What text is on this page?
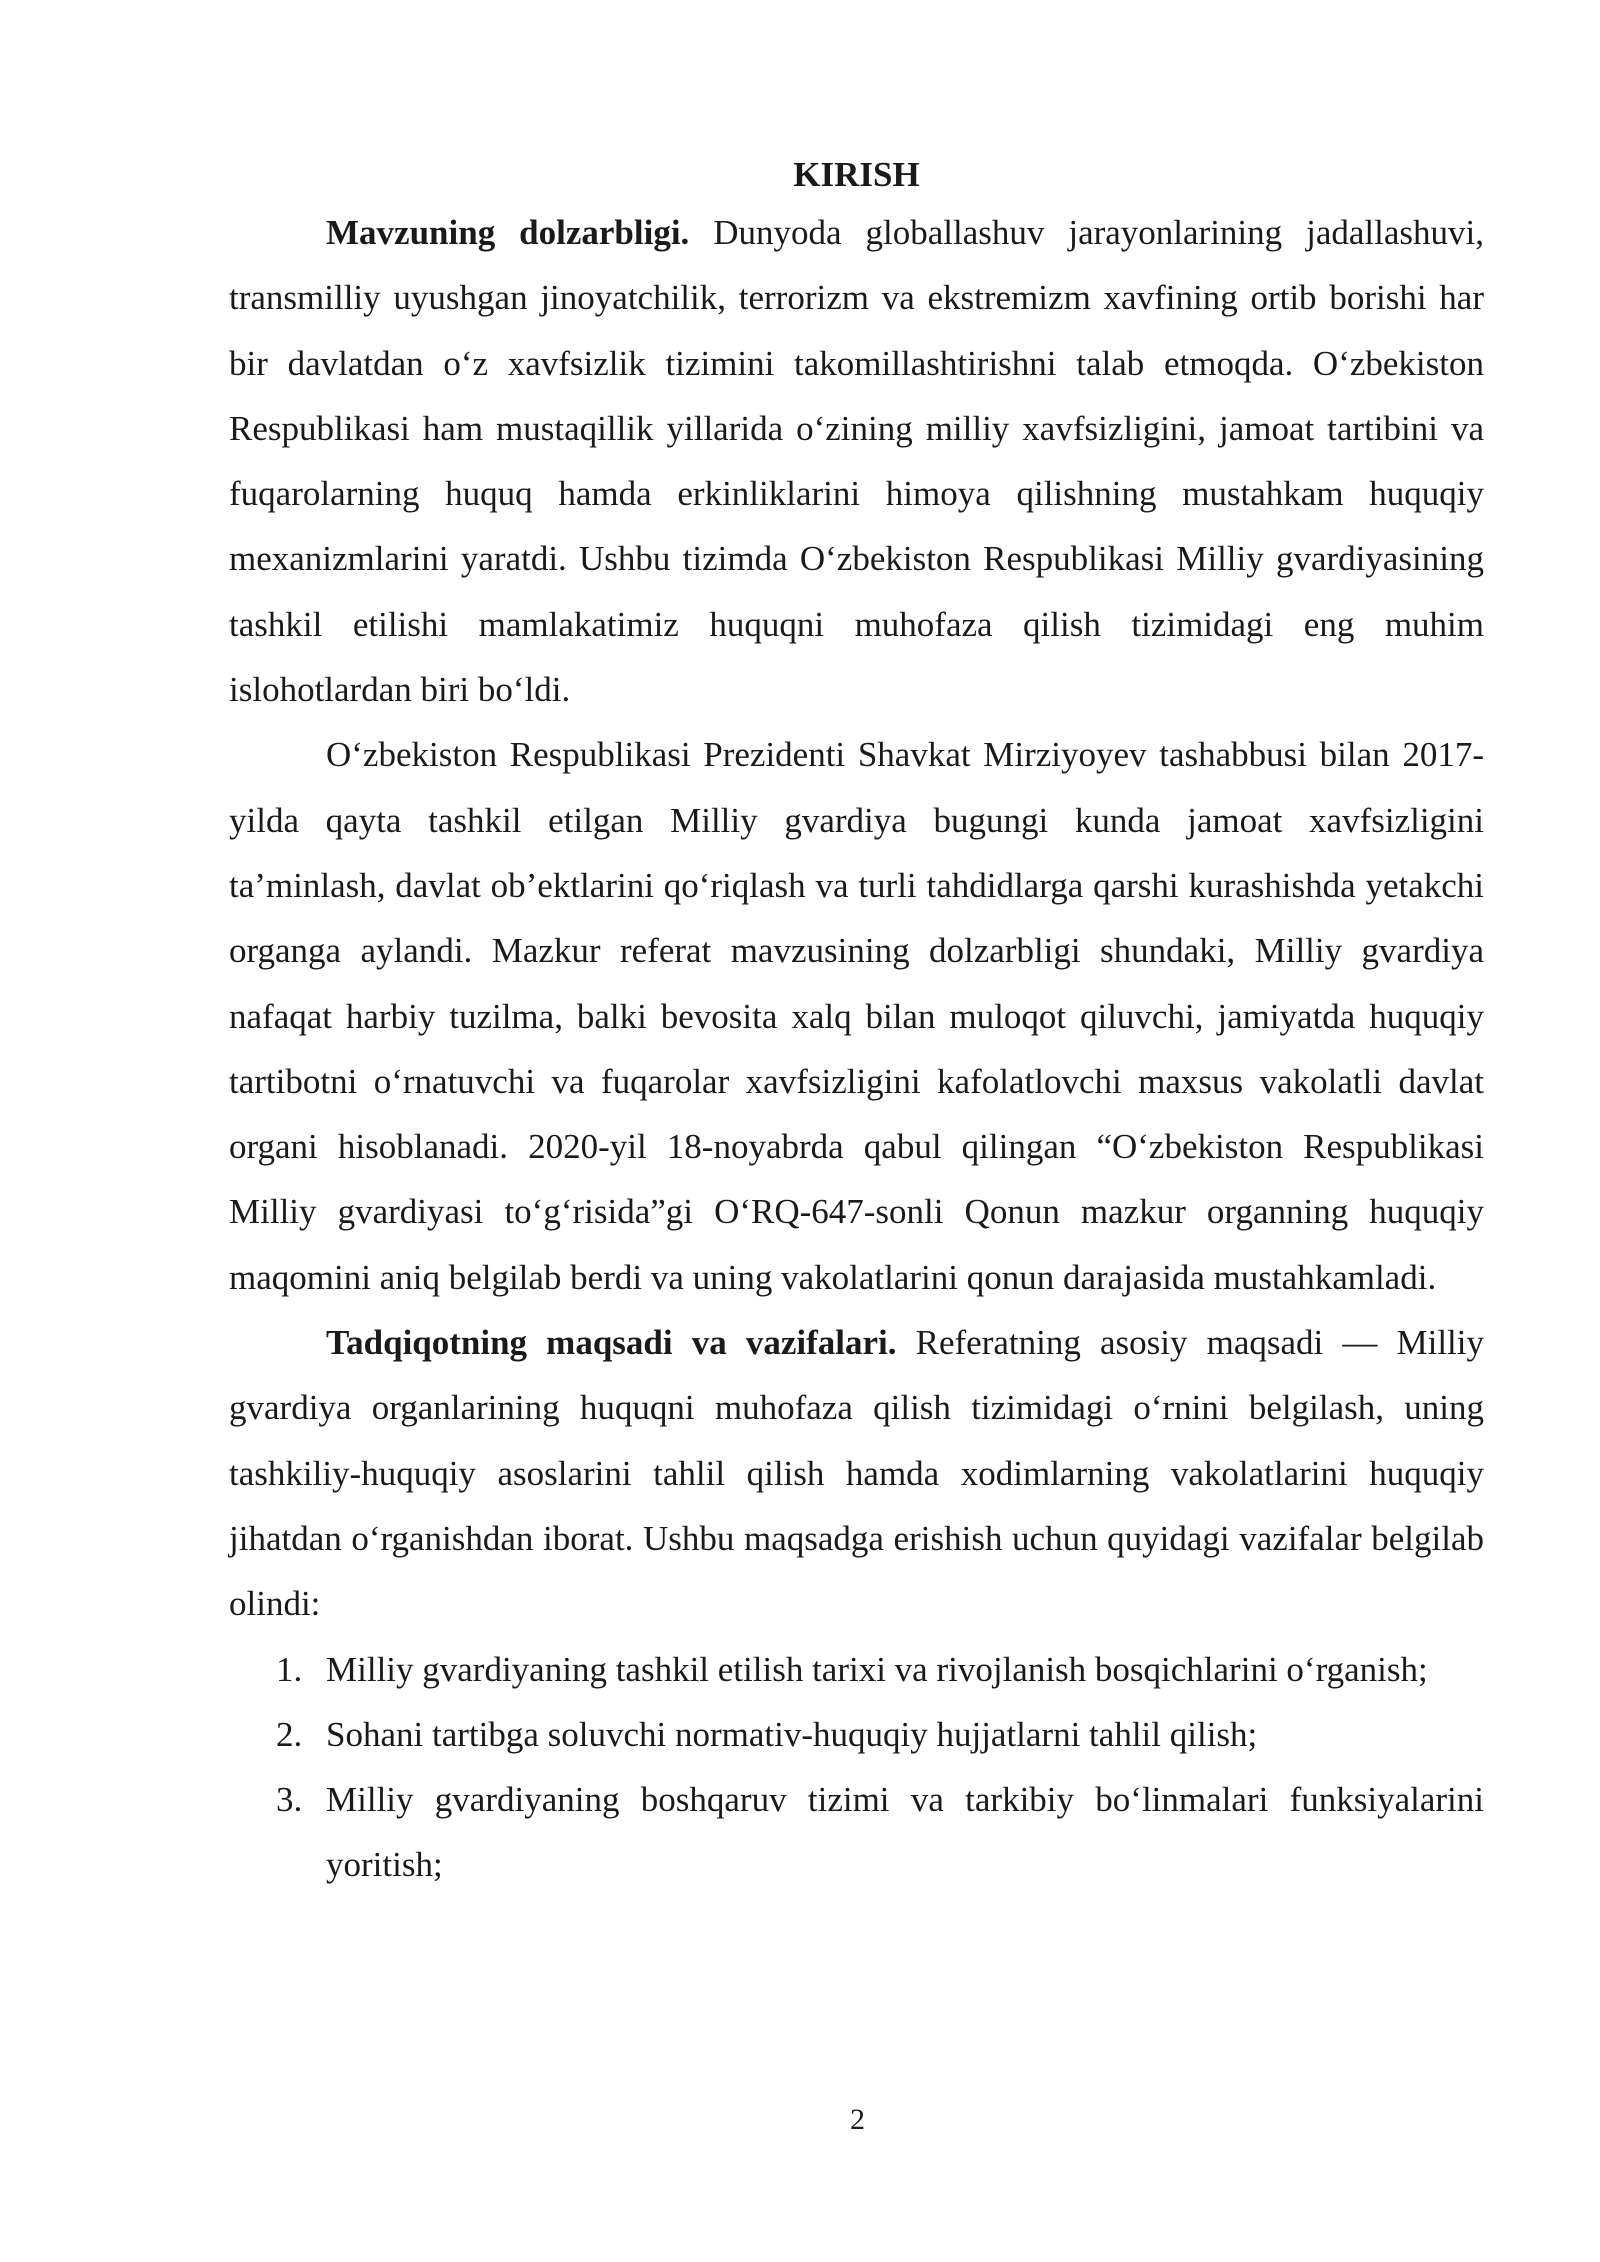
KIRISH

Mavzuning dolzarbligi. Dunyoda globallashuv jarayonlarining jadallashuvi, transmilliy uyushgan jinoyatchilik, terrorizm va ekstremizm xavfining ortib borishi har bir davlatdan o‘z xavfsizlik tizimini takomillashtirishni talab etmoqda. O‘zbekiston Respublikasi ham mustaqillik yillarida o‘zining milliy xavfsizligini, jamoat tartibini va fuqarolarning huquq hamda erkinliklarini himoya qilishning mustahkam huquqiy mexanizmlarini yaratdi. Ushbu tizimda O‘zbekiston Respublikasi Milliy gvardiyasining tashkil etilishi mamlakatimiz huquqni muhofaza qilish tizimidagi eng muhim islohotlardan biri bo‘ldi.

O‘zbekiston Respublikasi Prezidenti Shavkat Mirziyoyev tashabbusi bilan 2017-yilda qayta tashkil etilgan Milliy gvardiya bugungi kunda jamoat xavfsizligini ta’minlash, davlat ob’ektlarini qo‘riqlash va turli tahdidlarga qarshi kurashishda yetakchi organga aylandi. Mazkur referat mavzusining dolzarbligi shundaki, Milliy gvardiya nafaqat harbiy tuzilma, balki bevosita xalq bilan muloqot qiluvchi, jamiyatda huquqiy tartibotni o‘rnatuvchi va fuqarolar xavfsizligini kafolatlovchi maxsus vakolatli davlat organi hisoblanadi. 2020-yil 18-noyabrda qabul qilingan “O‘zbekiston Respublikasi Milliy gvardiyasi to‘g‘risida”gi O‘RQ-647-sonli Qonun mazkur organning huquqiy maqomini aniq belgilab berdi va uning vakolatlarini qonun darajasida mustahkamladi.

Tadqiqotning maqsadi va vazifalari. Referatning asosiy maqsadi — Milliy gvardiya organlarining huquqni muhofaza qilish tizimidagi o‘rnini belgilash, uning tashkiliy-huquqiy asoslarini tahlil qilish hamda xodimlarning vakolatlarini huquqiy jihatdan o‘rganishdan iborat. Ushbu maqsadga erishish uchun quyidagi vazifalar belgilab olindi:

1. Milliy gvardiyaning tashkil etilish tarixi va rivojlanish bosqichlarini o‘rganish;
2. Sohani tartibga soluvchi normativ-huquqiy hujjatlarni tahlil qilish;
3. Milliy gvardiyaning boshqaruv tizimi va tarkibiy bo‘linmalari funksiyalarini yoritish;
2
